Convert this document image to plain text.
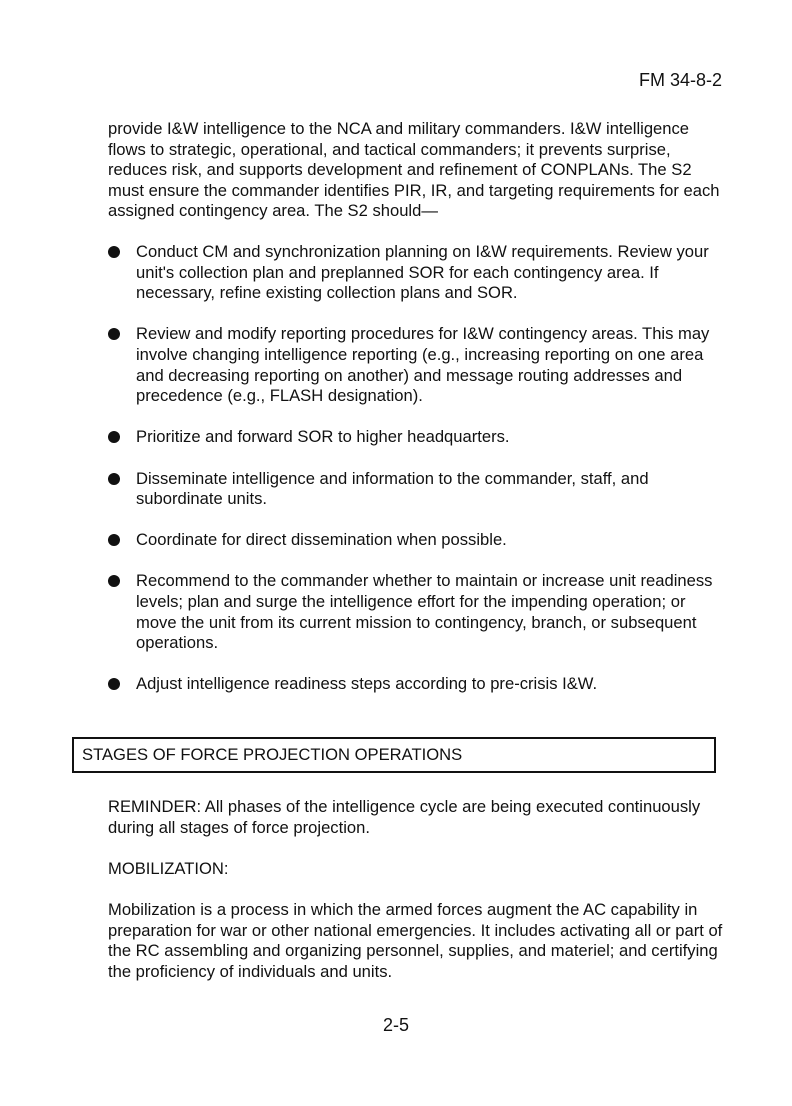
FM 34-8-2

provide I&W intelligence to the NCA and military commanders. I&W intelligence flows to strategic, operational, and tactical commanders; it prevents surprise, reduces risk, and supports development and refinement of CONPLANs. The S2 must ensure the commander identifies PIR, IR, and targeting requirements for each assigned contingency area. The S2 should—

Conduct CM and synchronization planning on I&W requirements. Review your unit's collection plan and preplanned SOR for each contingency area. If necessary, refine existing collection plans and SOR.
Review and modify reporting procedures for I&W contingency areas. This may involve changing intelligence reporting (e.g., increasing reporting on one area and decreasing reporting on another) and message routing addresses and precedence (e.g., FLASH designation).
Prioritize and forward SOR to higher headquarters.
Disseminate intelligence and information to the commander, staff, and subordinate units.
Coordinate for direct dissemination when possible.
Recommend to the commander whether to maintain or increase unit readiness levels; plan and surge the intelligence effort for the impending operation; or move the unit from its current mission to contingency, branch, or subsequent operations.
Adjust intelligence readiness steps according to pre-crisis I&W.
STAGES OF FORCE PROJECTION OPERATIONS

REMINDER: All phases of the intelligence cycle are being executed continuously during all stages of force projection.

MOBILIZATION:

Mobilization is a process in which the armed forces augment the AC capability in preparation for war or other national emergencies. It includes activating all or part of the RC assembling and organizing personnel, supplies, and materiel; and certifying the proficiency of individuals and units.

2-5
